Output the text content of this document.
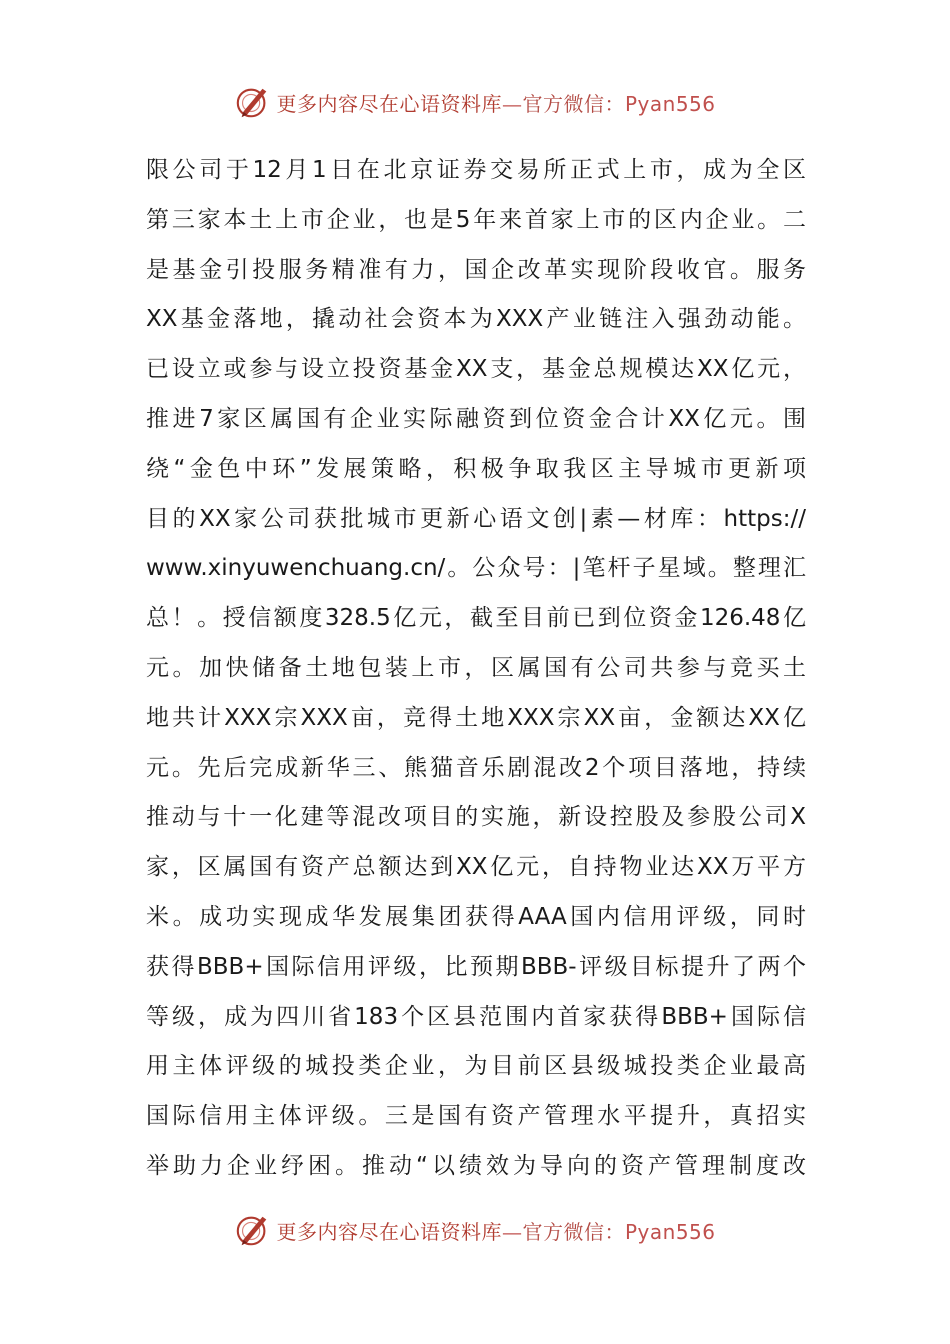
更多内容尽在心语资料库—官方微信：Pyan556
限公司于12月1日在北京证券交易所正式上市，成为全区
第三家本土上市企业，也是5年来首家上市的区内企业。二
是基金引投服务精准有力，国企改革实现阶段收官。服务
XX基金落地，撬动社会资本为XXX产业链注入强劲动能。
已设立或参与设立投资基金XX支，基金总规模达XX亿元，
推进7家区属国有企业实际融资到位资金合计XX亿元。围
绕“金色中环”发展策略，积极争取我区主导城市更新项
目的XX家公司获批城市更新心语文创|素—材库：https://
www.xinyuwenchuang.cn/。公众号：|笔杆子星域。整理汇
总！。授信额度328.5亿元，截至目前已到位资金126.48亿
元。加快储备土地包装上市，区属国有公司共参与竞买土
地共计XXX宗XXX亩，竞得土地XXX宗XX亩，金额达XX亿
元。先后完成新华三、熊猫音乐剧混改2个项目落地，持续
推动与十一化建等混改项目的实施，新设控股及参股公司X
家，区属国有资产总额达到XX亿元，自持物业达XX万平方
米。成功实现成华发展集团获得AAA国内信用评级，同时
获得BBB+国际信用评级，比预期BBB-评级目标提升了两个
等级，成为四川省183个区县范围内首家获得BBB+国际信
用主体评级的城投类企业，为目前区县级城投类企业最高
国际信用主体评级。三是国有资产管理水平提升，真招实
举助力企业纾困。推动“以绩效为导向的资产管理制度改
更多内容尽在心语资料库—官方微信：Pyan556
